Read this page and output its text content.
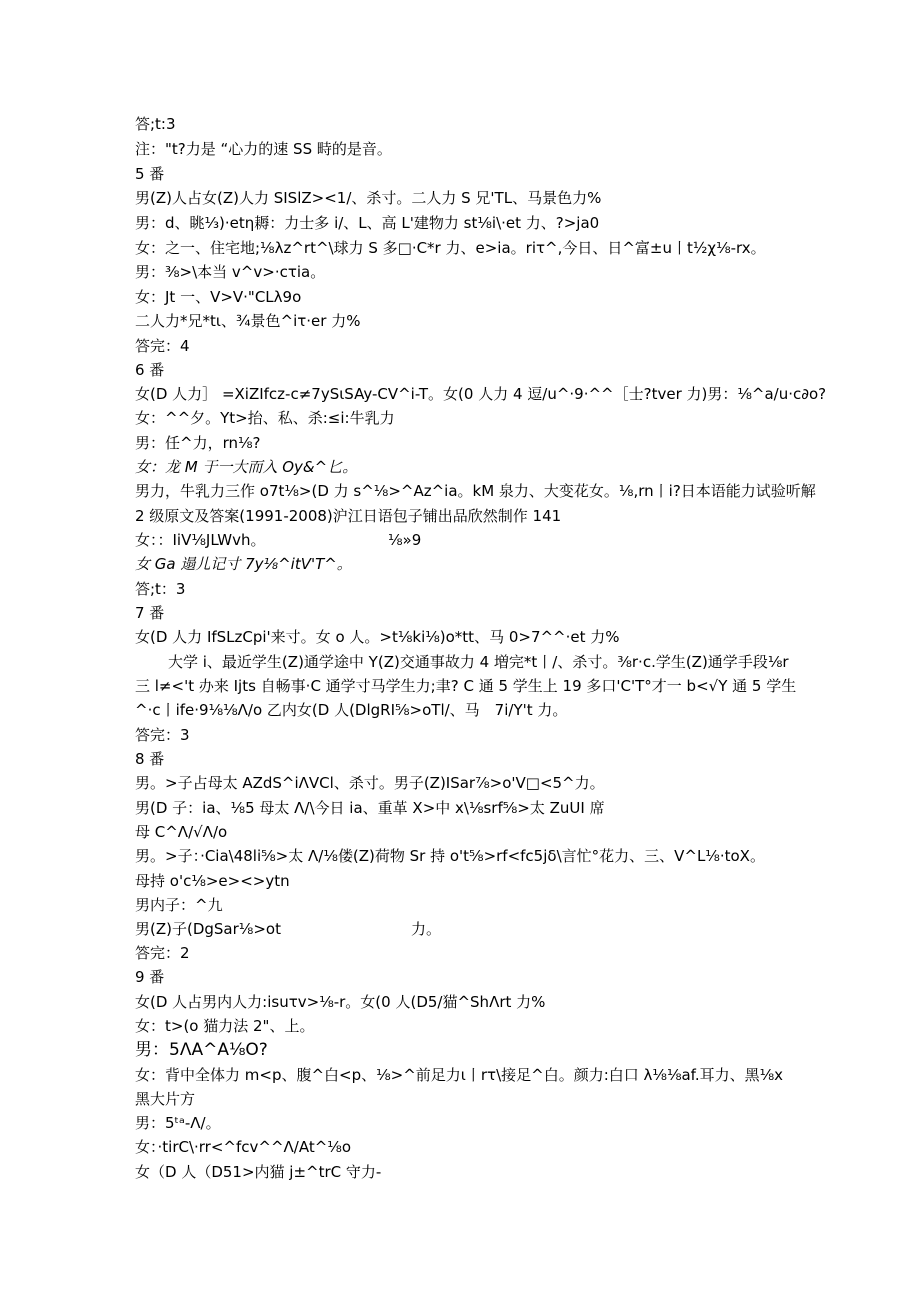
答;t:3
注："t?力是 “心力的速 SS 畤的是音。
5 番
男(Z)人占女(Z)人力 SISlZ><1/、杀寸。二人力 S 兄'TL、马景色力%
男：d、眺⅓)·etη耨：力士多 i/、L、高 L'建物力 st⅛i\·et 力、?>ja0
女：之一、住宅地;⅛λz^rt^\球力 S 多□·C*r 力、e>ia。riτ^,今日、日^富±u丨t½χ⅛-rx。
男：⅜>\本当 v^v>·cτia。
女：Jt 一、V>V·"CLλ9o
二人力*兄*tι、¾景色^iτ·er 力%
答完：4
6 番
女(D 人力］ =XiZIfcz-c≠7ySιSAy-CV^i-T。女(0 人力 4 逗/u^·9·^^［士?tver 力)男：⅛^a/u·c∂o?
女：^^夕。Yt>抬、私、杀:≤i:牛乳力
男：任^力，rn⅛?
女：龙 M 于一大而入 Oy&^匕。
男力，牛乳力三作 o7t⅛>(D 力 s^⅛>^Az^ia。kM 泉力、大变花女。⅛,rn丨i?日本语能力试验听解
2 级原文及答案(1991-2008)沪江日语包子铺出品欣然制作 141
女：：IiV⅛JLWvh。	⅛»9
女 Ga 遢儿记寸 7y⅛^itV'T^。
答;t：3
7 番
女(D 人力 IfSLzCpi'来寸。女 o 人。>t⅛ki⅛)o*tt、马 0>7^^·et 力%
大学 i、最近学生(Z)通学途中 Y(Z)交通事故力 4 増完*t丨/、杀寸。⅜r·c.学生(Z)通学手段⅛r
三 l≠<'t 办来 Ijts 自畅事·C 通学寸马学生力;聿? C 通 5 学生上 19 多口'C'T°才一 b<√Y 通 5 学生
^·c丨ife·9⅛⅛Λ/o 乙内女(D 人(DlgRI⅝>oTl/、马　7i/Y't 力。
答完：3
8 番
男。>子占母太 AZdS^iΛVCl、杀寸。男子(Z)ISar⅞>o'V□<5^力。
男(D 子：ia、⅛5 母太 Λ/\今日 ia、重革 X>中 x\⅛srf⅝>太 ZuUI 席
母 C^Λ/√Λ/o
男。>子：·Cia\48li⅝>太 Λ/⅛偻(Z)荷物 Sr 持 o't⅝>rf<fc5jδ\言忙°花力、三、V^L⅛·toX。
母持 o'c⅛>e><>ytn
男内子：^九
男(Z)子(DgSar⅛>ot	力。
答完：2
9 番
女(D 人占男内人力:isuτv>⅛-r。女(0 人(D5/猫^ShΛrt 力%
女：t>(o 猫力法 2"、上。
男：5ΛA^A⅛O?
女：背中全体力 m<p、腹^白<p、⅛>^前足力ι丨rτ\接足^白。颜力:白口 λ⅛⅛af.耳力、黑⅛x
黑大片方
男：5ᵗᵃ-Λ/。
女：·tirC\·rr<^fcv^^Λ/At^⅛o
女（D 人（D51>内猫 j±^trC 守力-
